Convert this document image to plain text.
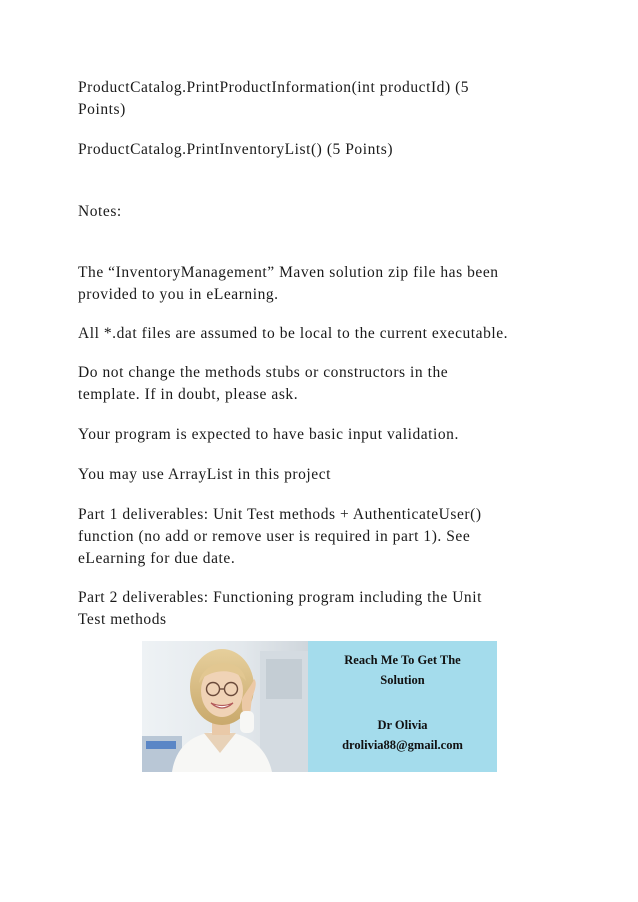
ProductCatalog.PrintProductInformation(int productId) (5
Points)

ProductCatalog.PrintInventoryList() (5 Points)

Notes:

The “InventoryManagement” Maven solution zip file has been
provided to you in eLearning.

All *.dat files are assumed to be local to the current executable.

Do not change the methods stubs or constructors in the
template. If in doubt, please ask.

Your program is expected to have basic input validation.

You may use ArrayList in this project

Part 1 deliverables: Unit Test methods + AuthenticateUser()
function (no add or remove user is required in part 1). See
eLearning for due date.

Part 2 deliverables: Functioning program including the Unit
Test methods

Reach Me To Get The
Solution
Dr Olivia
drolivia88@gmail.com
